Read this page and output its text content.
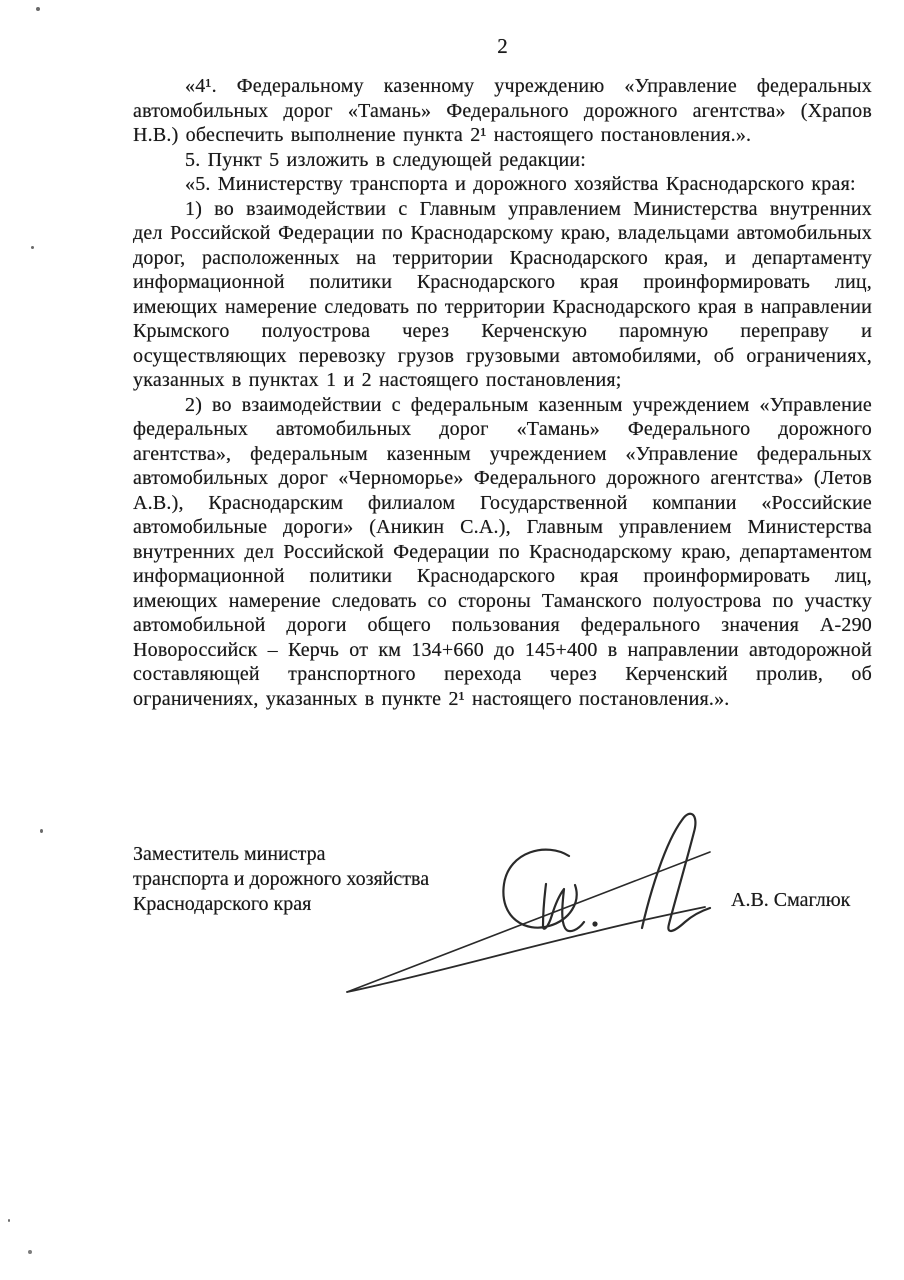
2

«4¹. Федеральному казенному учреждению «Управление федеральных автомобильных дорог «Тамань» Федерального дорожного агентства» (Храпов Н.В.) обеспечить выполнение пункта 2¹ настоящего постановления.».

5. Пункт 5 изложить в следующей редакции:

«5. Министерству транспорта и дорожного хозяйства Краснодарского края:

1) во взаимодействии с Главным управлением Министерства внутренних дел Российской Федерации по Краснодарскому краю, владельцами автомобильных дорог, расположенных на территории Краснодарского края, и департаменту информационной политики Краснодарского края проинформировать лиц, имеющих намерение следовать по территории Краснодарского края в направлении Крымского полуострова через Керченскую паромную переправу и осуществляющих перевозку грузов грузовыми автомобилями, об ограничениях, указанных в пунктах 1 и 2 настоящего постановления;

2) во взаимодействии с федеральным казенным учреждением «Управление федеральных автомобильных дорог «Тамань» Федерального дорожного агентства», федеральным казенным учреждением «Управление федеральных автомобильных дорог «Черноморье» Федерального дорожного агентства» (Летов А.В.), Краснодарским филиалом Государственной компании «Российские автомобильные дороги» (Аникин С.А.), Главным управлением Министерства внутренних дел Российской Федерации по Краснодарскому краю, департаментом информационной политики Краснодарского края проинформировать лиц, имеющих намерение следовать со стороны Таманского полуострова по участку автомобильной дороги общего пользования федерального значения А-290 Новороссийск – Керчь от км 134+660 до 145+400 в направлении автодорожной составляющей транспортного перехода через Керченский пролив, об ограничениях, указанных в пункте 2¹ настоящего постановления.».

Заместитель министра
транспорта и дорожного хозяйства
Краснодарского края	А.В. Смаглюк
